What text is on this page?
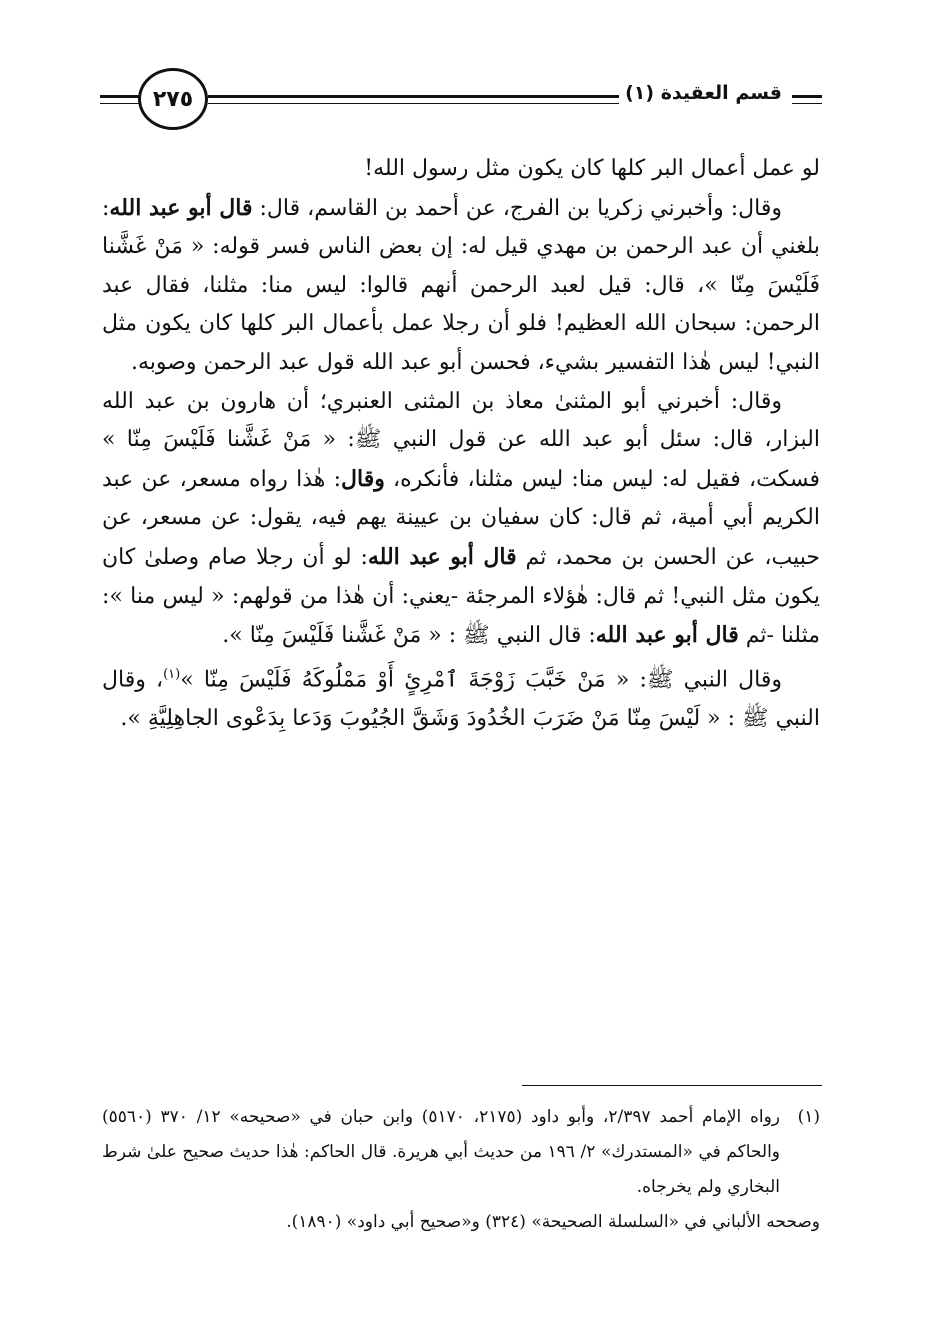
٢٧٥	قسم العقيدة (١)

لو عمل أعمال البر كلها كان يكون مثل رسول الله!

وقال: وأخبرني زكريا بن الفرج، عن أحمد بن القاسم، قال: قال أبو عبد الله: بلغني أن عبد الرحمن بن مهدي قيل له: إن بعض الناس فسر قوله: « مَنْ غَشَّنا فَلَيْسَ مِنّا »، قال: قيل لعبد الرحمن أنهم قالوا: ليس منا: مثلنا، فقال عبد الرحمن: سبحان الله العظيم! فلو أن رجلا عمل بأعمال البر كلها كان يكون مثل النبي! ليس هٰذا التفسير بشيء، فحسن أبو عبد الله قول عبد الرحمن وصوبه.

وقال: أخبرني أبو المثنىٰ معاذ بن المثنى العنبري؛ أن هارون بن عبد الله البزار، قال: سئل أبو عبد الله عن قول النبي ﷺ: « مَنْ غَشَّنا فَلَيْسَ مِنّا » فسكت، فقيل له: ليس منا: ليس مثلنا، فأنكره، وقال: هٰذا رواه مسعر، عن عبد الكريم أبي أمية، ثم قال: كان سفيان بن عيينة يهم فيه، يقول: عن مسعر، عن حبيب، عن الحسن بن محمد، ثم قال أبو عبد الله: لو أن رجلا صام وصلىٰ كان يكون مثل النبي! ثم قال: هٰؤلاء المرجئة -يعني: أن هٰذا من قولهم: « ليس منا »: مثلنا -ثم قال أبو عبد الله: قال النبي ﷺ : « مَنْ غَشَّنا فَلَيْسَ مِنّا ».

وقال النبي ﷺ: « مَنْ خَبَّبَ زَوْجَةَ ٱمْرِئٍ أَوْ مَمْلُوكَهُ فَلَيْسَ مِنّا »$^{(١)}$، وقال النبي ﷺ : « لَيْسَ مِنّا مَنْ ضَرَبَ الخُدُودَ وَشَقَّ الجُيُوبَ وَدَعا بِدَعْوى الجاهِلِيَّةِ ».

(١)
رواه الإمام أحمد ٢/٣٩٧، وأبو داود (٢١٧٥، ٥١٧٠) وابن حبان في «صحيحه» ١٢/ ٣٧٠ (٥٥٦٠) والحاكم في «المستدرك» ٢/ ١٩٦ من حديث أبي هريرة. قال الحاكم: هٰذا حديث صحيح علىٰ شرط البخاري ولم يخرجاه.

وصححه الألباني في «السلسلة الصحيحة» (٣٢٤) و«صحيح أبي داود» (١٨٩٠).
